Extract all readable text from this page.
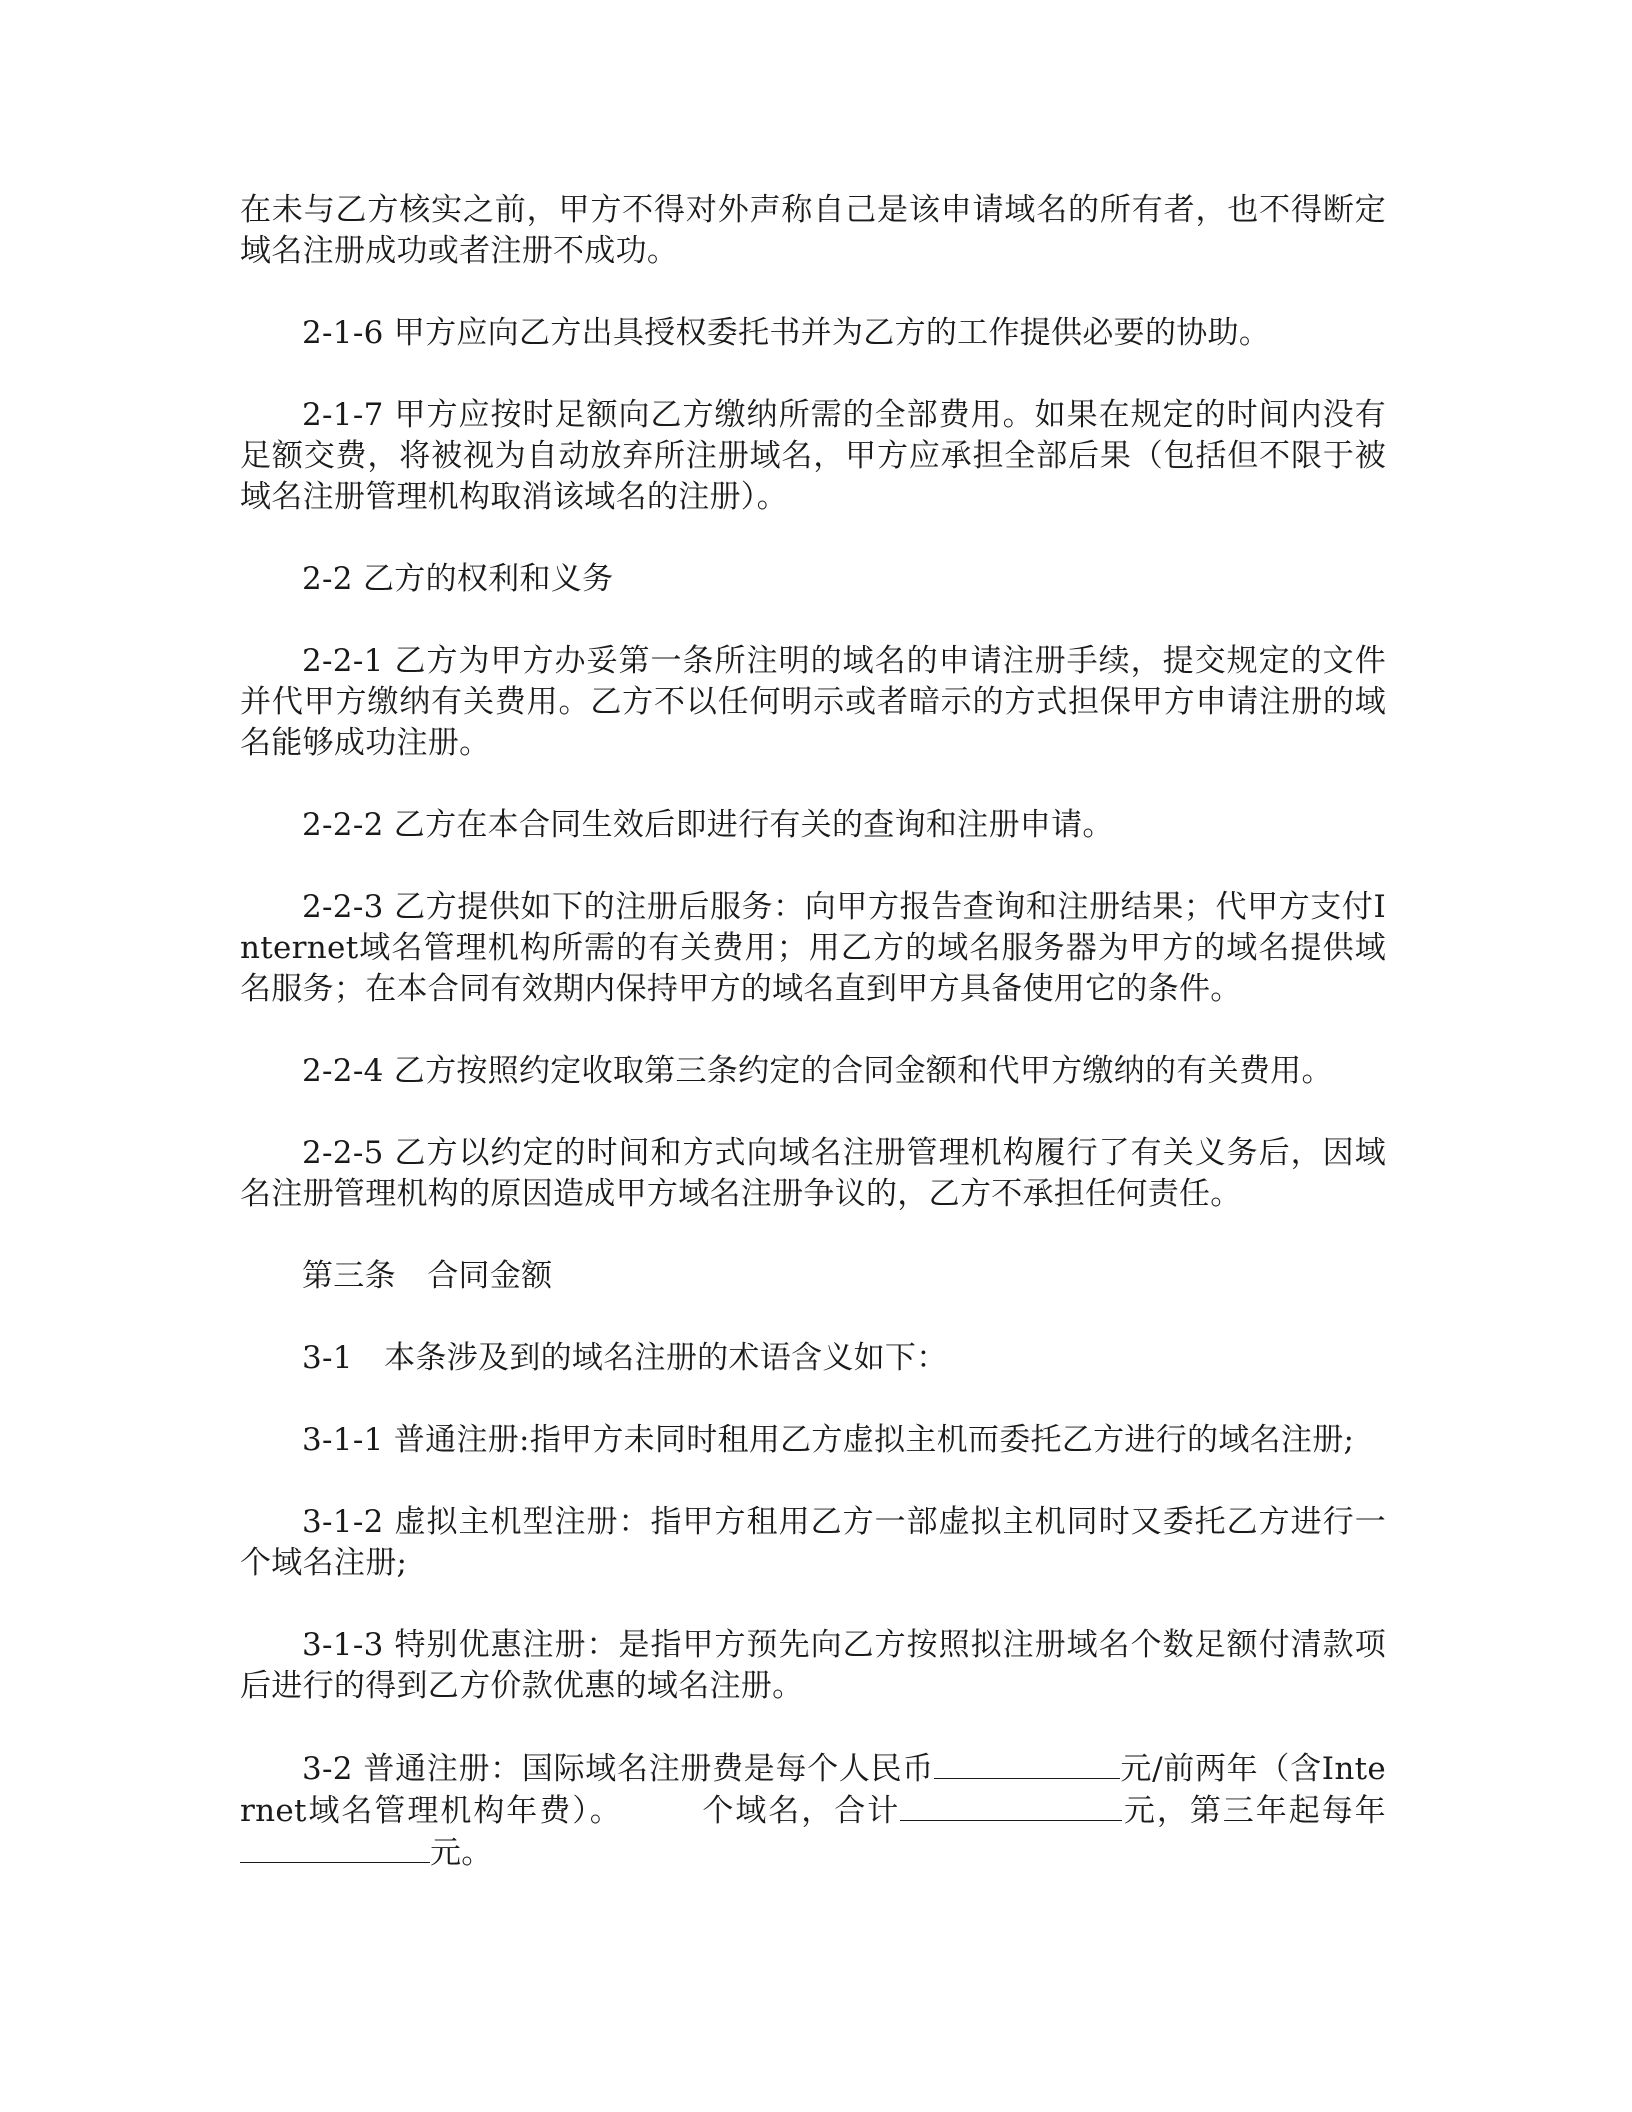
在未与乙方核实之前，甲方不得对外声称自己是该申请域名的所有者，也不得断定域名注册成功或者注册不成功。

2-1-6 甲方应向乙方出具授权委托书并为乙方的工作提供必要的协助。

2-1-7 甲方应按时足额向乙方缴纳所需的全部费用。如果在规定的时间内没有足额交费，将被视为自动放弃所注册域名，甲方应承担全部后果（包括但不限于被域名注册管理机构取消该域名的注册）。

2-2 乙方的权利和义务

2-2-1 乙方为甲方办妥第一条所注明的域名的申请注册手续，提交规定的文件并代甲方缴纳有关费用。乙方不以任何明示或者暗示的方式担保甲方申请注册的域名能够成功注册。

2-2-2 乙方在本合同生效后即进行有关的查询和注册申请。

2-2-3 乙方提供如下的注册后服务：向甲方报告查询和注册结果；代甲方支付Internet域名管理机构所需的有关费用；用乙方的域名服务器为甲方的域名提供域名服务；在本合同有效期内保持甲方的域名直到甲方具备使用它的条件。

2-2-4 乙方按照约定收取第三条约定的合同金额和代甲方缴纳的有关费用。

2-2-5 乙方以约定的时间和方式向域名注册管理机构履行了有关义务后，因域名注册管理机构的原因造成甲方域名注册争议的，乙方不承担任何责任。

第三条　合同金额

3-1　本条涉及到的域名注册的术语含义如下：

3-1-1 普通注册:指甲方未同时租用乙方虚拟主机而委托乙方进行的域名注册;

3-1-2 虚拟主机型注册：指甲方租用乙方一部虚拟主机同时又委托乙方进行一个域名注册;

3-1-3 特别优惠注册：是指甲方预先向乙方按照拟注册域名个数足额付清款项后进行的得到乙方价款优惠的域名注册。

3-2 普通注册：国际域名注册费是每个人民币	元/前两年（含Internet域名管理机构年费）。	个域名，合计	元，第三年起每年元。
